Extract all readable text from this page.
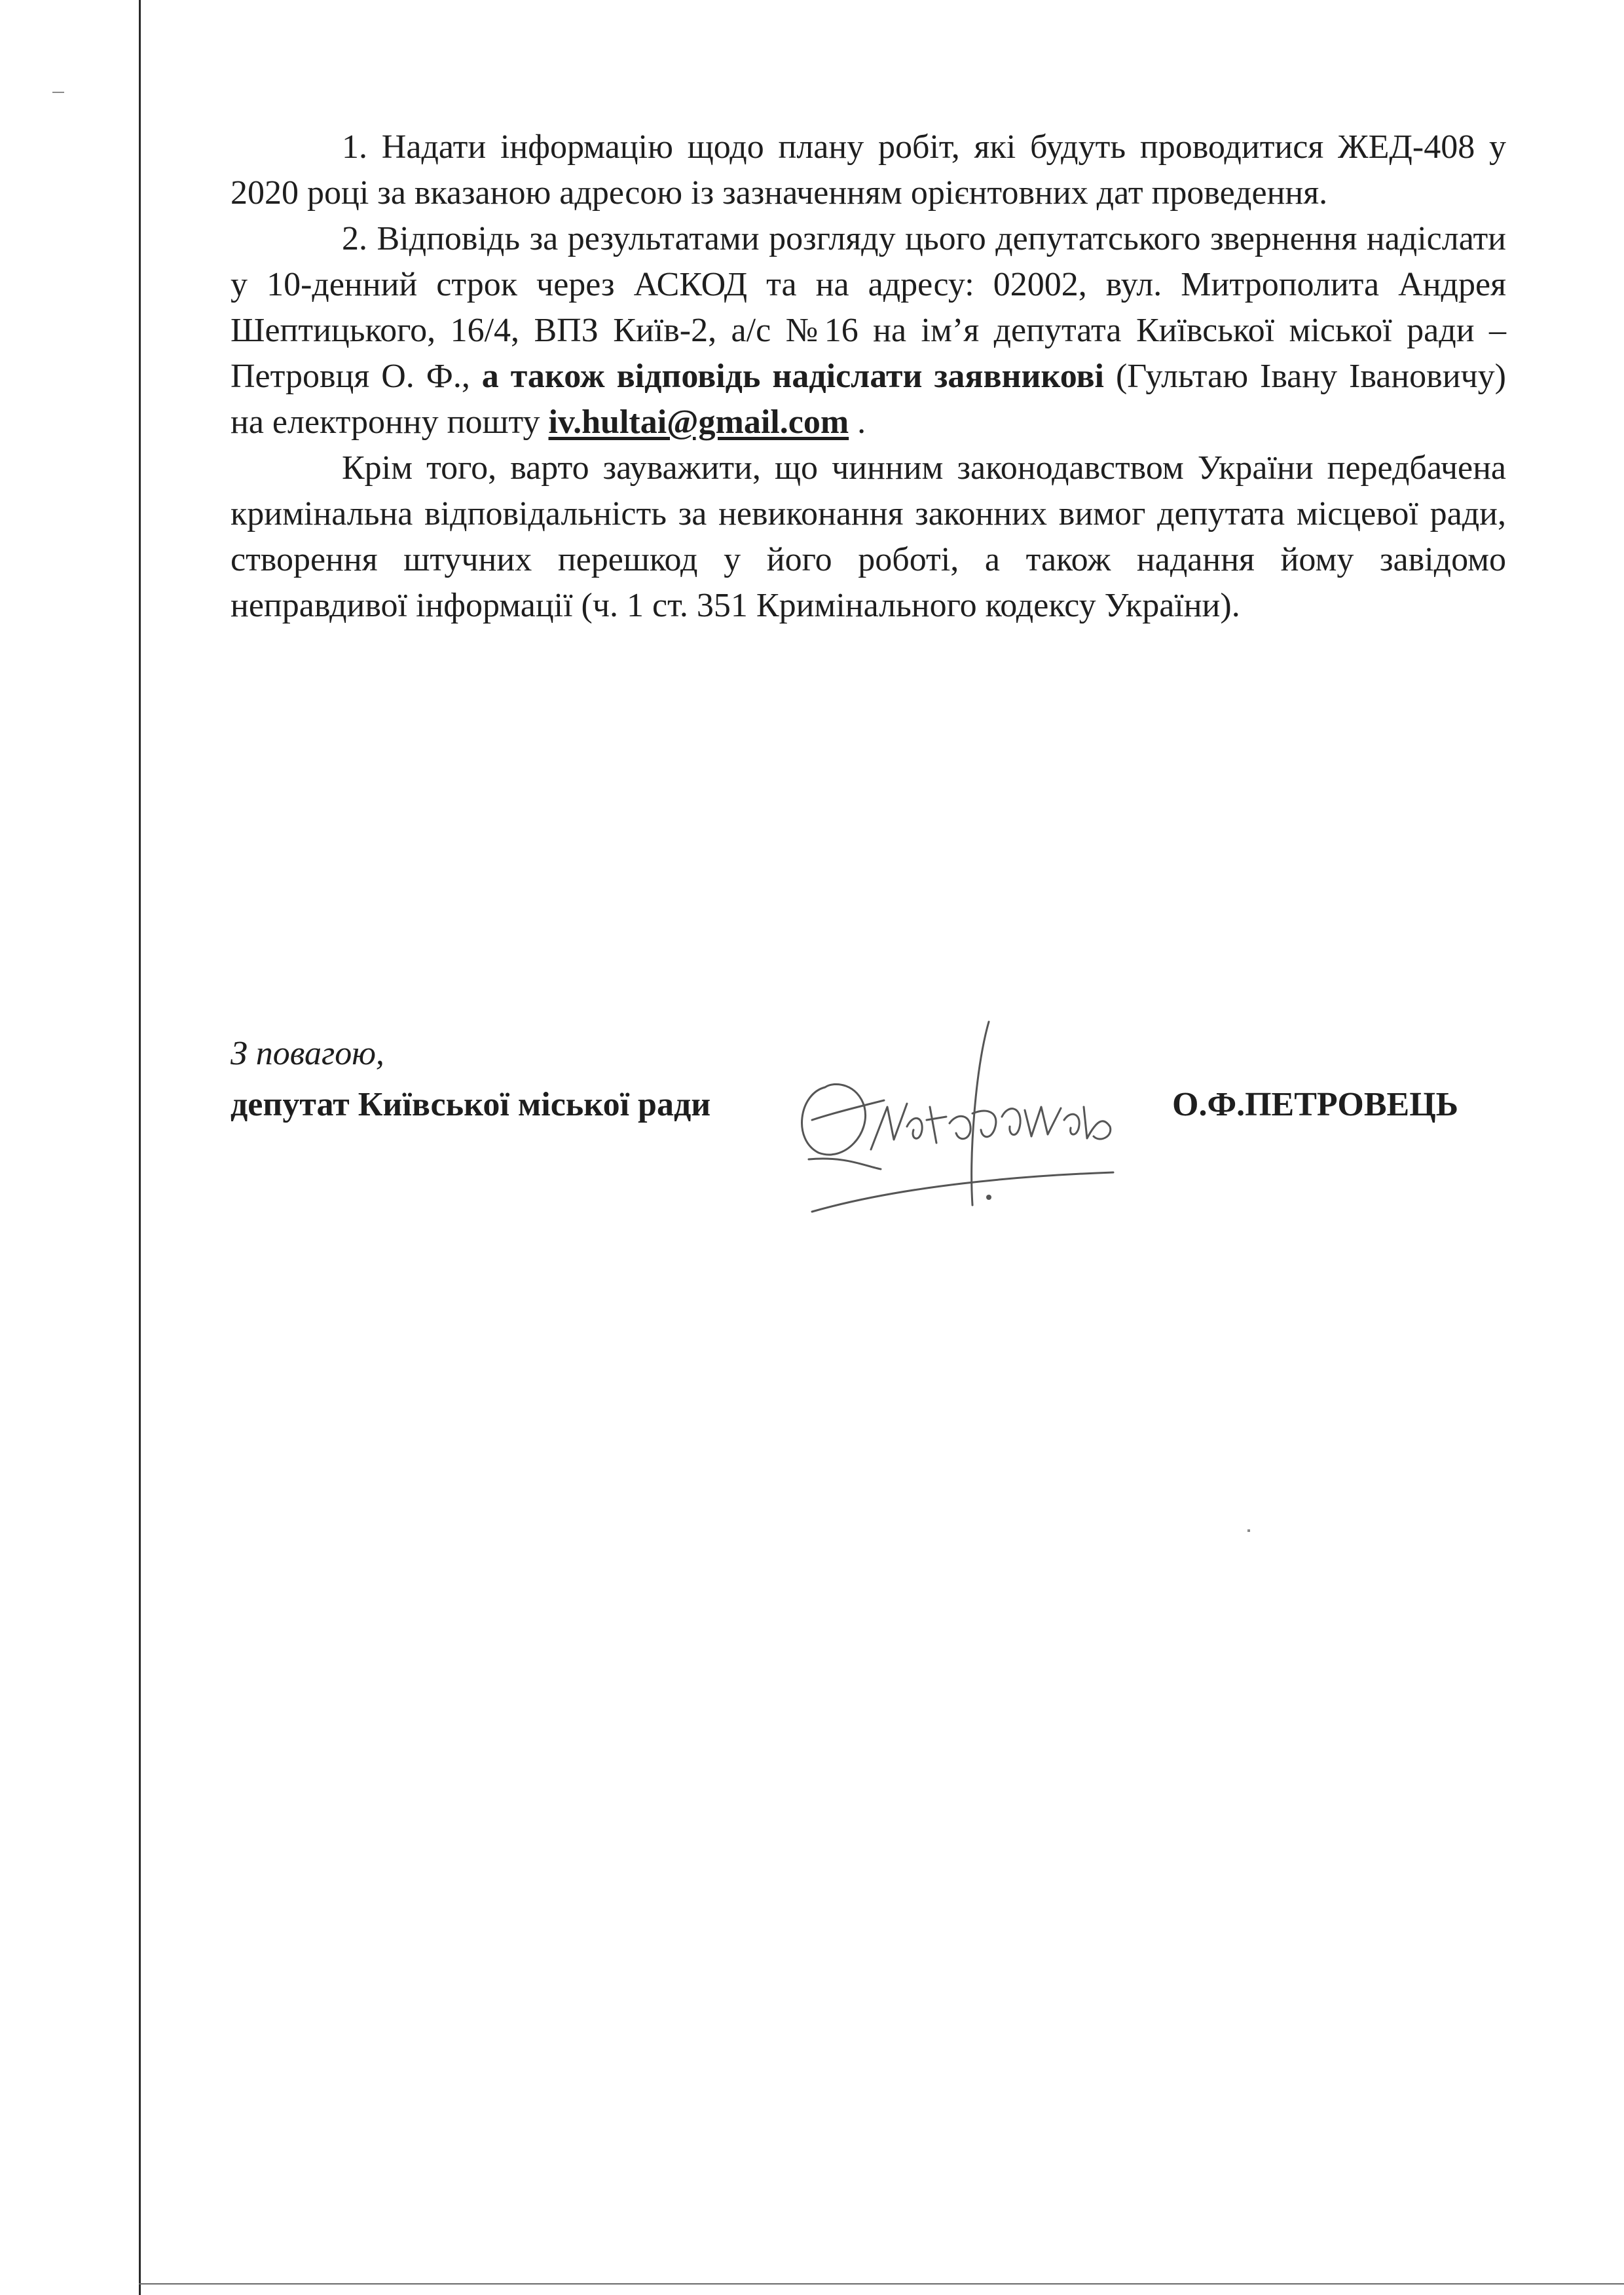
1. Надати інформацію щодо плану робіт, які будуть проводитися ЖЕД-408 у 2020 році за вказаною адресою із зазначенням орієнтовних дат проведення.

2. Відповідь за результатами розгляду цього депутатського звернення надіслати у 10-денний строк через АСКОД та на адресу: 02002, вул. Митрополита Андрея Шептицького, 16/4, ВПЗ Київ-2, а/с №16 на ім’я депутата Київської міської ради – Петровця О. Ф., а також відповідь надіслати заявникові (Гультаю Івану Івановичу) на електронну пошту iv.hultai@gmail.com .

Крім того, варто зауважити, що чинним законодавством України передбачена кримінальна відповідальність за невиконання законних вимог депутата місцевої ради, створення штучних перешкод у його роботі, а також надання йому завідомо неправдивої інформації (ч. 1 ст. 351 Кримінального кодексу України).

З повагою,
депутат Київської міської ради	О.Ф.ПЕТРОВЕЦЬ
